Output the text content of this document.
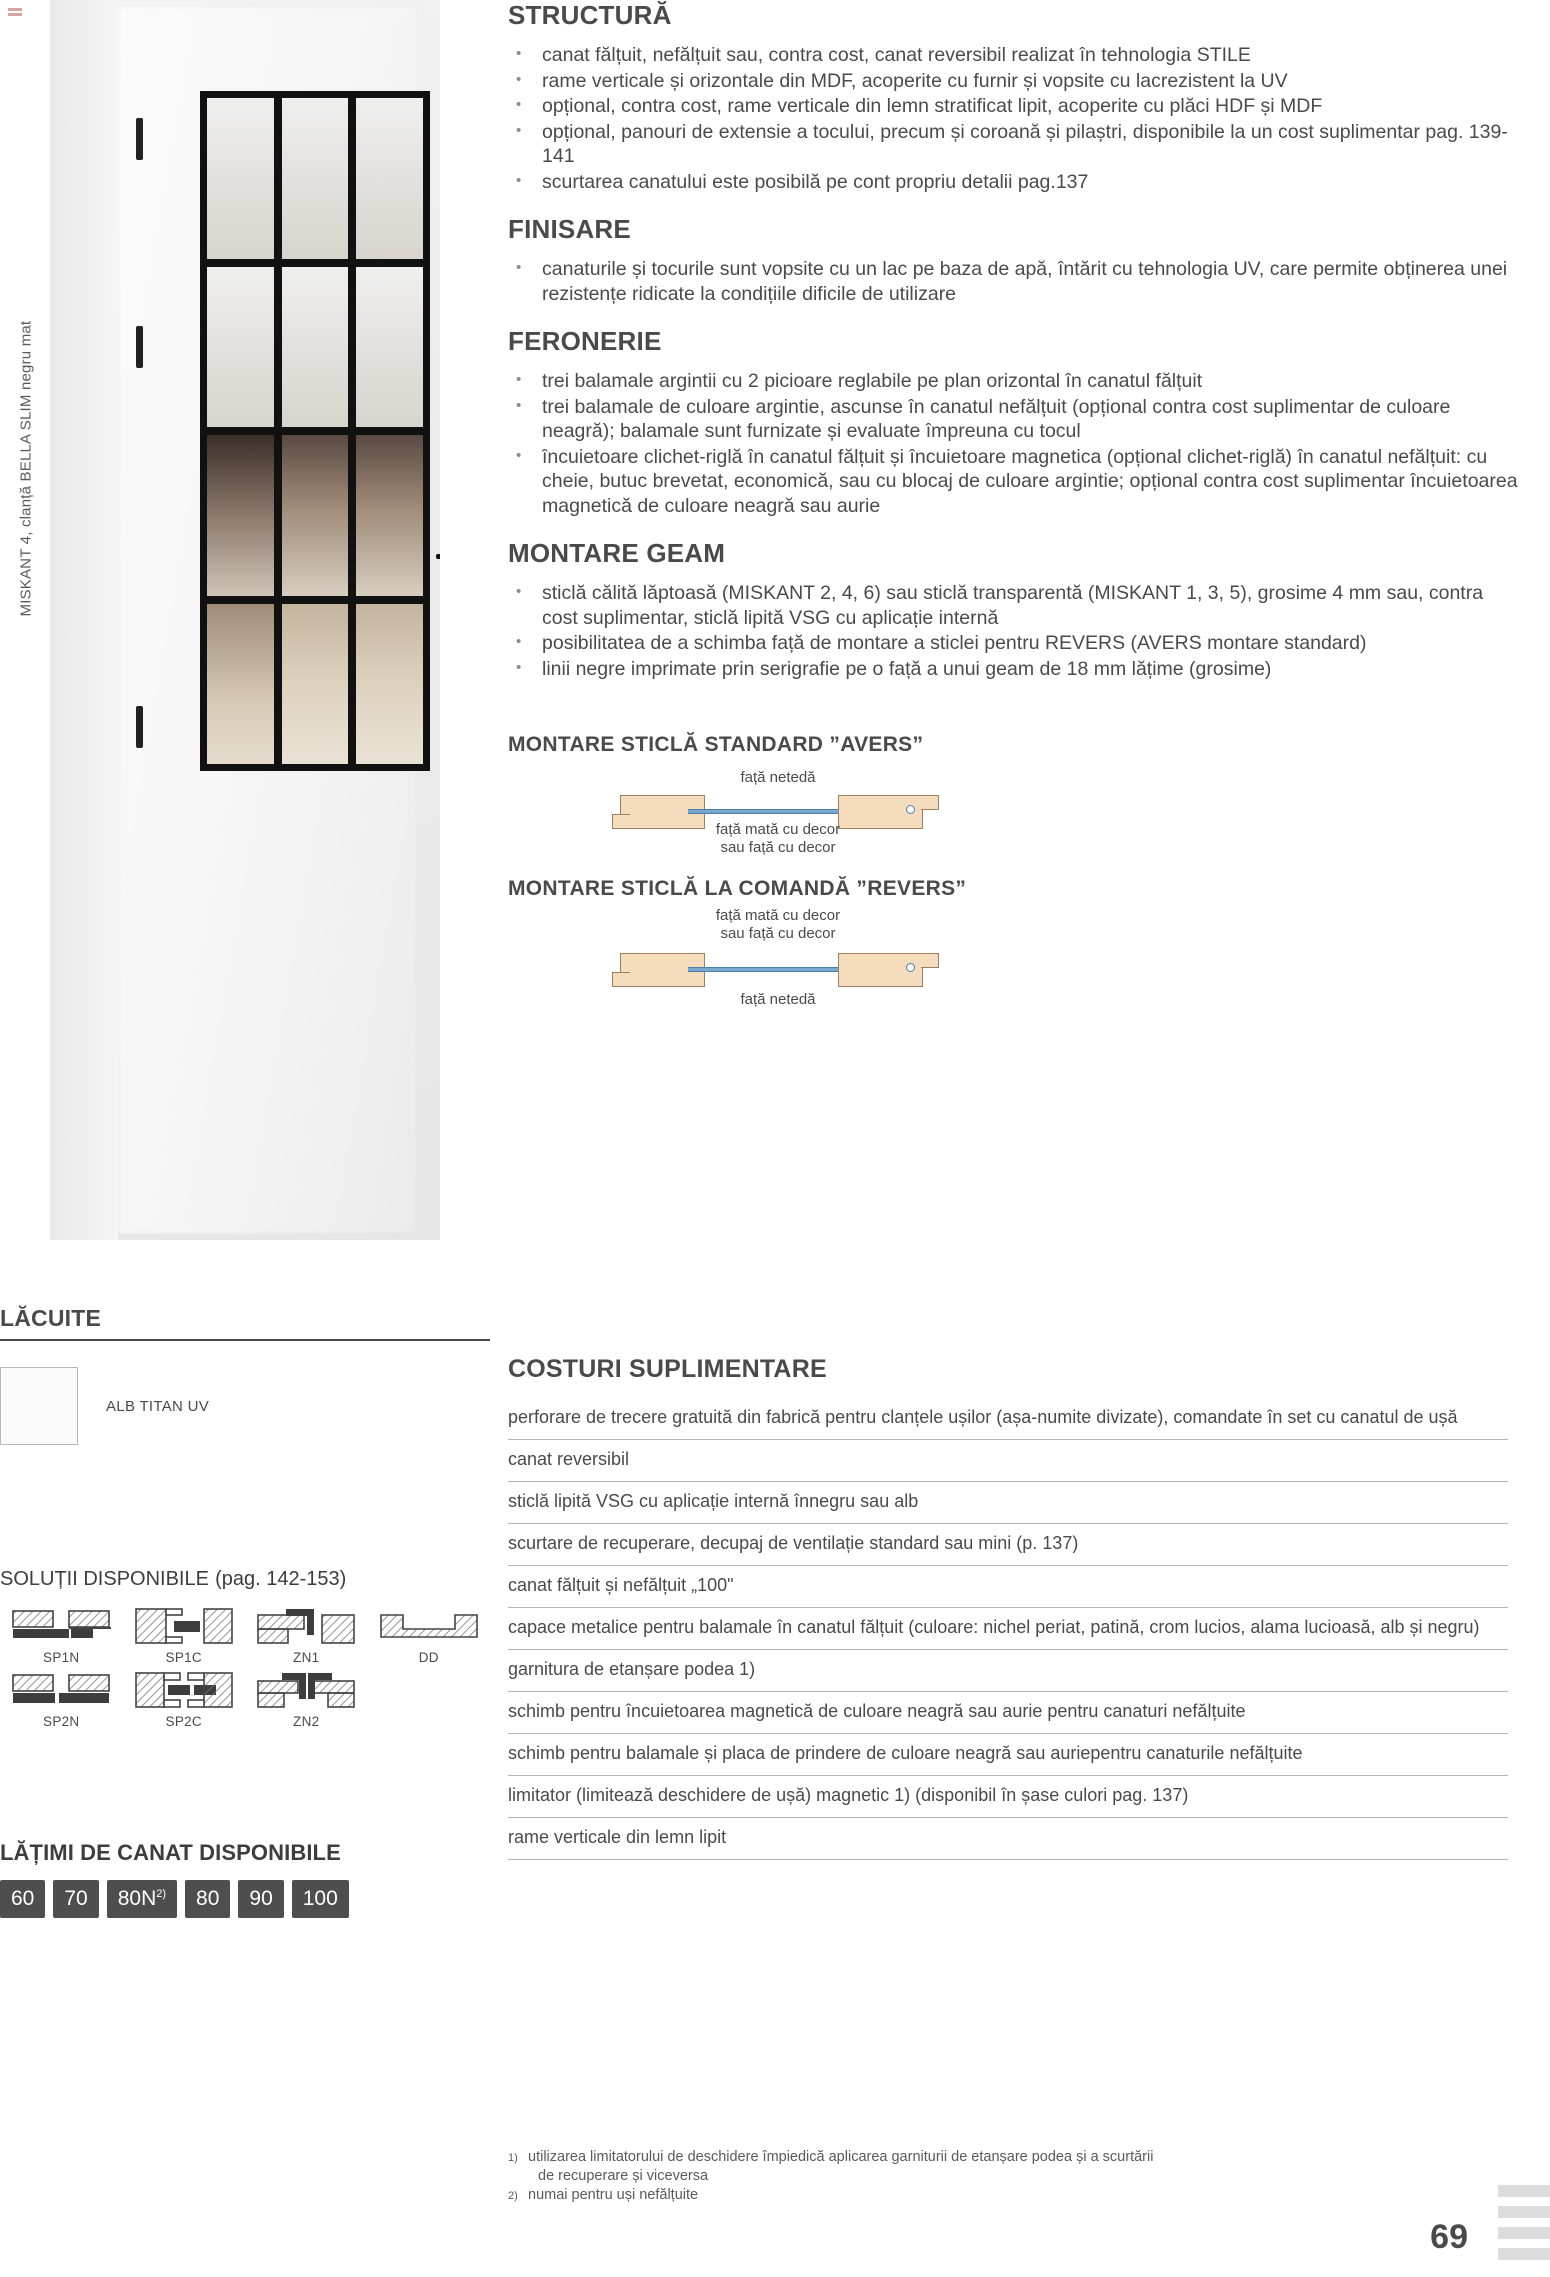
MISKANT 4, clanță BELLA SLIM negru mat
STRUCTURĂ
• canat fălțuit, nefălțuit sau, contra cost, canat reversibil realizat în tehnologia STILE
• rame verticale și orizontale din MDF, acoperite cu furnir și vopsite cu lacrezistent la UV
• opțional, contra cost, rame verticale din lemn stratificat lipit, acoperite cu plăci HDF și MDF
• opțional, panouri de extensie a tocului, precum și coroană și pilaștri, disponibile la un cost suplimentar pag. 139-141
• scurtarea canatului este posibilă pe cont propriu detalii pag.137
FINISARE
• canaturile și tocurile sunt vopsite cu un lac pe baza de apă, întărit cu tehnologia UV, care permite obținerea unei rezistențe ridicate la condițiile dificile de utilizare
FERONERIE
• trei balamale argintii cu 2 picioare reglabile pe plan orizontal în canatul fălțuit
• trei balamale de culoare argintie, ascunse în canatul nefălțuit (opțional contra cost suplimentar de culoare neagră); balamale sunt furnizate și evaluate împreuna cu tocul
• încuietoare clichet-riglă în canatul fălțuit și încuietoare magnetica (opțional clichet-riglă) în canatul nefălțuit: cu cheie, butuc brevetat, economică, sau cu blocaj de culoare argintie; opțional contra cost suplimentar încuietoarea magnetică de culoare neagră sau aurie
MONTARE GEAM
• sticlă călită lăptoasă (MISKANT 2, 4, 6) sau sticlă transparentă (MISKANT 1, 3, 5), grosime 4 mm sau, contra cost suplimentar, sticlă lipită VSG cu aplicație internă
• posibilitatea de a schimba față de montare a sticlei pentru REVERS (AVERS montare standard)
• linii negre imprimate prin serigrafie pe o față a unui geam de 18 mm lățime (grosime)
MONTARE STICLĂ STANDARD ”AVERS”
față netedă
față mată cu decor
sau față cu decor
MONTARE STICLĂ LA COMANDĂ ”REVERS”
față mată cu decor
sau față cu decor
față netedă
LĂCUITE
ALB TITAN UV
SOLUȚII DISPONIBILE (pag. 142-153)
SP1N	SP1C	ZN1	DD
SP2N	SP2C	ZN2
LĂȚIMI DE CANAT DISPONIBILE
60	70	$80N^{2)}$	80	90	100
COSTURI SUPLIMENTARE
perforare de trecere gratuită din fabrică pentru clanțele ușilor (așa-numite divizate), comandate în set cu canatul de ușă
canat reversibil
sticlă lipită VSG cu aplicație internă înnegru sau alb
scurtare de recuperare, decupaj de ventilație standard sau mini (p. 137)
canat fălțuit și nefălțuit „100"
capace metalice pentru balamale în canatul fălțuit (culoare: nichel periat, patină, crom lucios, alama lucioasă, alb și negru)
garnitura de etanșare podea 1)
schimb pentru încuietoarea magnetică de culoare neagră sau aurie pentru canaturi nefălțuite
schimb pentru balamale și placa de prindere de culoare neagră sau auriepentru canaturile nefălțuite
limitator (limitează deschidere de ușă) magnetic 1) (disponibil în șase culori pag. 137)
rame verticale din lemn lipit
1) utilizarea limitatorului de deschidere împiedică aplicarea garniturii de etanșare podea și a scurtării
de recuperare și viceversa
2) numai pentru uși nefălțuite
69
